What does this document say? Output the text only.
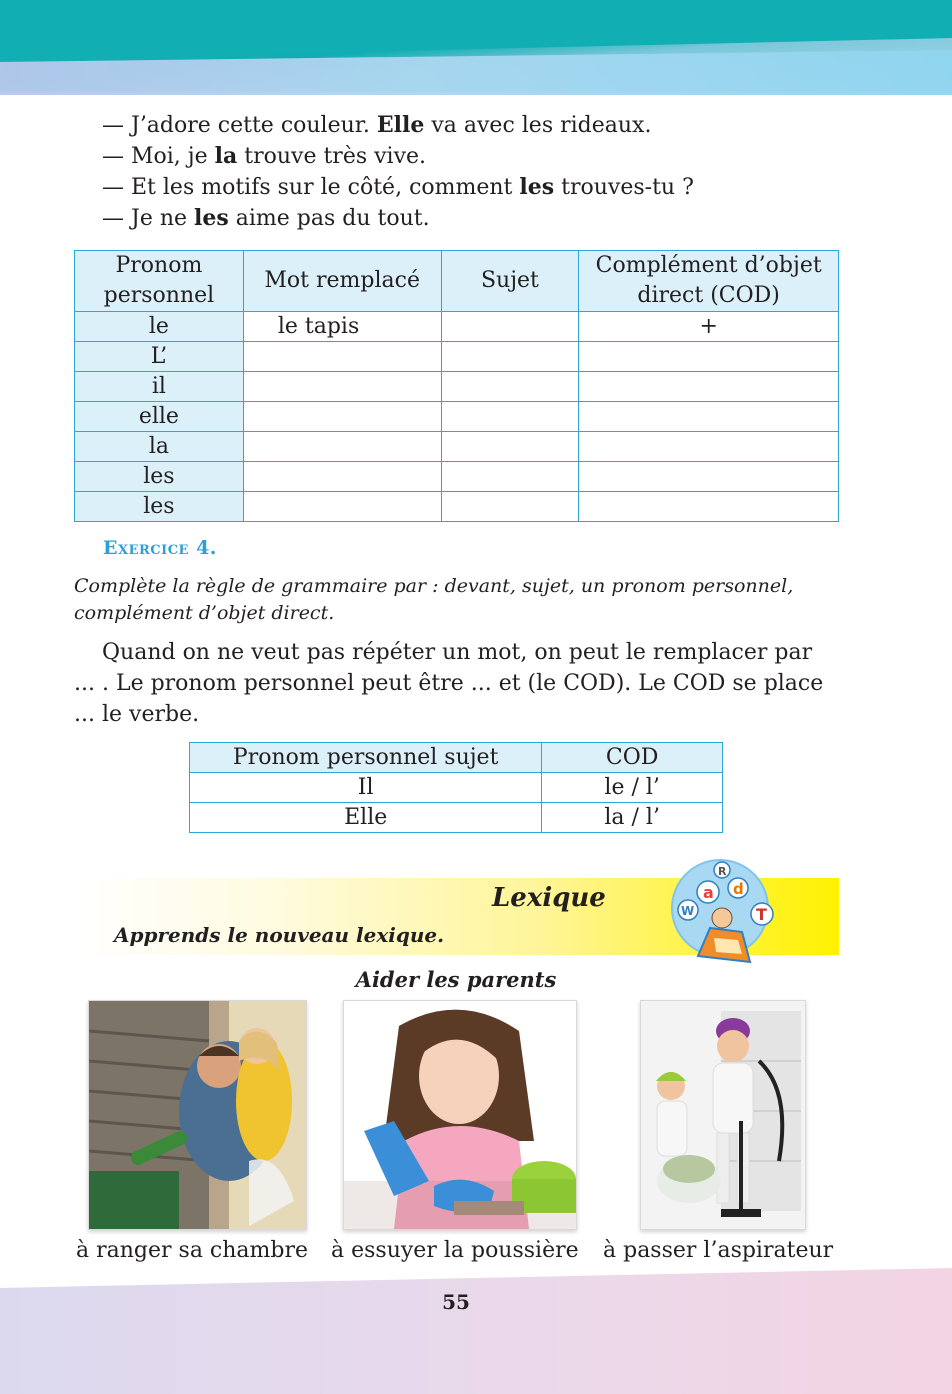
— J’adore cette couleur. Elle va avec les rideaux.
— Moi, je la trouve très vive.
— Et les motifs sur le côté, comment les trouves-tu ?
— Je ne les aime pas du tout.
Pronom personnel	Mot remplacé	Sujet	Complément d’objet direct (COD)
le	le tapis		+
L’			
il			
elle			
la			
les			
les			
Exercice 4.
Complète la règle de grammaire par : devant, sujet, un pronom personnel, complément d’objet direct.

Quand on ne veut pas répéter un mot, on peut le remplacer par ... . Le pronom personnel peut être ... et (le COD). Le COD se place ... le verbe.

Pronom personnel sujet	COD
Il	le / l’
Elle	la / l’
Lexique
Apprends le nouveau lexique.
a d
T
W
R
Aider les parents
à ranger sa chambre à essuyer la poussière à passer l’aspirateur
55
